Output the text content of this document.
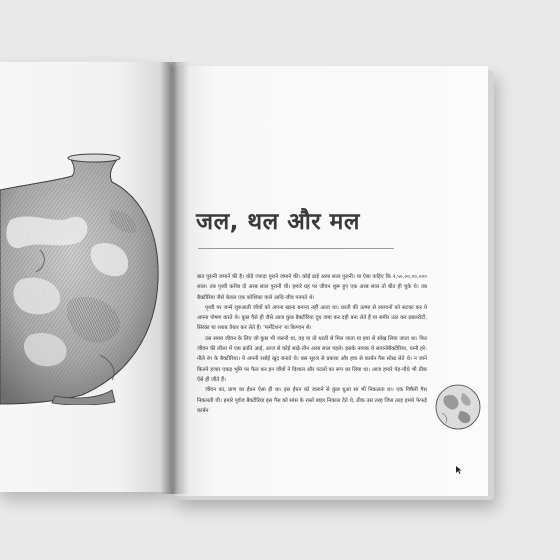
जल, थल और मल

बात पुरानी जमाने की है। थोड़े ज्यादा पुराने जमाने की। कोई ढाई अरब साल पुरानी। या ऐसा कहिए कि २,५०,००,००,००० साल। तब पृथ्वी करीब दो अरब साल पुरानी थी। हमारे ग्रह पर जीवन शुरू हुए एक अरब साल तो बीत ही चुके थे। तब बैक्टीरिया जैसे केवल एक कोशिका वाले आदि-जीव पनपते थे।

पृथ्वी पर जन्मे शुरुआती जीवों को अपना खाना बनाना नहीं आता था। धरती की ऊष्मा से रसायनों को सटका कर ये अपना पोषण करते थे। कुछ वैसे ही जैसे आज कुछ बैक्टीरिया दूध जमा कर दही बना लेते हैं या समीर उठा कर डबलरोटी, सिरका या शराब तैयार कर लेते हैं। 'फर्मेंटेशन' या किण्वन से।

उस समय जीवन के लिए जो कुछ भी जरूरी था, वह या तो धरती से मिल जाता या हवा से सोख लिया जाता था। फिर जीवन की लीला में एक क्रांति आई, आज से कोई साढ़े-तीन अरब साल पहले। इसके नायक थे सायनोबैक्टीरिया, यानी हरे-नीले रंग के बैक्टीरिया। ये अपनी रसोई खुद बनाते थे। बस सूरज से प्रकाश और हवा से कार्बन गैस सोख लेते थे। न जाने कितने हजार एकड़ भूमि पर फैल कर इन जीवों ने विशाल और पटलों का रूप धर लिया था। आज हमारे पेड़-पौधे भी ठीक ऐसे ही जीते हैं।

जीवन का, प्राण का ईंधन ऐसा ही था। इस ईंधन को जलाने से कुछ धुआं सा भी निकलता था। एक विषैली गैस निकलती थी। हमारे पूर्वज बैक्टीरिया इस गैस को सांस के रास्ते बाहर निकाल देते थे, ठीक उस तरह जिस तरह हमारे फेफड़े कार्बन
